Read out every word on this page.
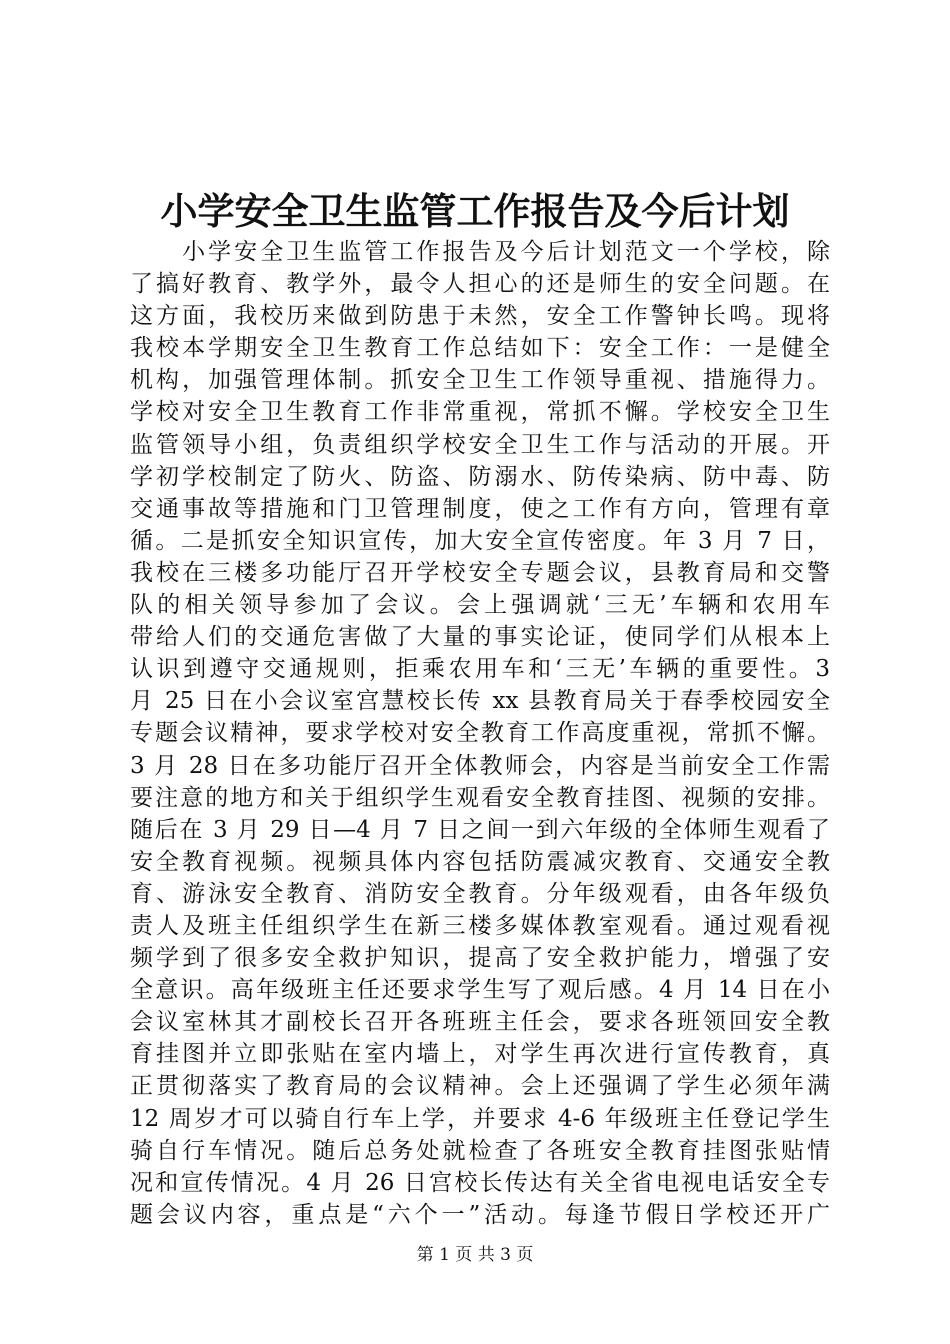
小学安全卫生监管工作报告及今后计划
　　小学安全卫生监管工作报告及今后计划范文一个学校，除
了搞好教育、教学外，最令人担心的还是师生的安全问题。在
这方面，我校历来做到防患于未然，安全工作警钟长鸣。现将
我校本学期安全卫生教育工作总结如下：安全工作：一是健全
机构，加强管理体制。抓安全卫生工作领导重视、措施得力。
学校对安全卫生教育工作非常重视，常抓不懈。学校安全卫生
监管领导小组，负责组织学校安全卫生工作与活动的开展。开
学初学校制定了防火、防盗、防溺水、防传染病、防中毒、防
交通事故等措施和门卫管理制度，使之工作有方向，管理有章
循。二是抓安全知识宣传，加大安全宣传密度。年 3 月 7 日，
我校在三楼多功能厅召开学校安全专题会议，县教育局和交警
队的相关领导参加了会议。会上强调就‘三无’车辆和农用车
带给人们的交通危害做了大量的事实论证，使同学们从根本上
认识到遵守交通规则，拒乘农用车和‘三无’车辆的重要性。3
月 25 日在小会议室宫慧校长传 xx 县教育局关于春季校园安全
专题会议精神，要求学校对安全教育工作高度重视，常抓不懈。
3 月 28 日在多功能厅召开全体教师会，内容是当前安全工作需
要注意的地方和关于组织学生观看安全教育挂图、视频的安排。
随后在 3 月 29 日—4 月 7 日之间一到六年级的全体师生观看了
安全教育视频。视频具体内容包括防震减灾教育、交通安全教
育、游泳安全教育、消防安全教育。分年级观看，由各年级负
责人及班主任组织学生在新三楼多媒体教室观看。通过观看视
频学到了很多安全救护知识，提高了安全救护能力，增强了安
全意识。高年级班主任还要求学生写了观后感。4 月 14 日在小
会议室林其才副校长召开各班班主任会，要求各班领回安全教
育挂图并立即张贴在室内墙上，对学生再次进行宣传教育，真
正贯彻落实了教育局的会议精神。会上还强调了学生必须年满
12 周岁才可以骑自行车上学，并要求 4-6 年级班主任登记学生
骑自行车情况。随后总务处就检查了各班安全教育挂图张贴情
况和宣传情况。4 月 26 日宫校长传达有关全省电视电话安全专
题会议内容，重点是“六个一”活动。每逢节假日学校还开广
第 1 页 共 3 页
